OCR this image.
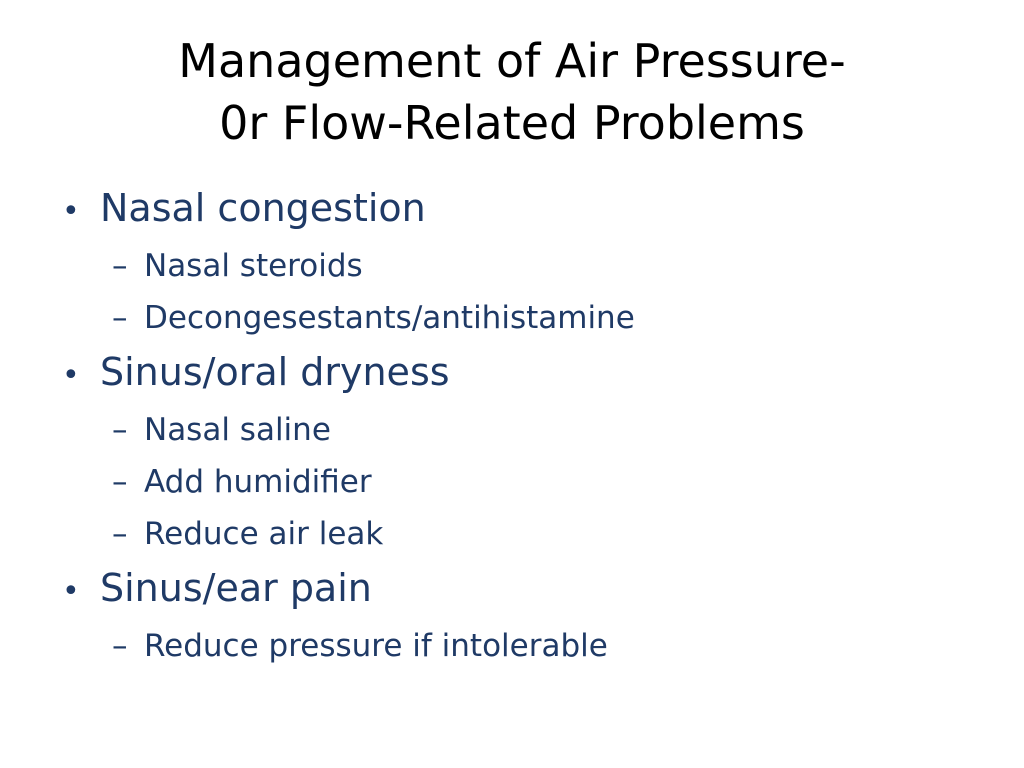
Management of Air Pressure-
0r Flow-Related Problems
• Nasal congestion
– Nasal steroids
– Decongesestants/antihistamine
• Sinus/oral dryness
– Nasal saline
– Add humidifier
– Reduce air leak
• Sinus/ear pain
– Reduce pressure if intolerable
